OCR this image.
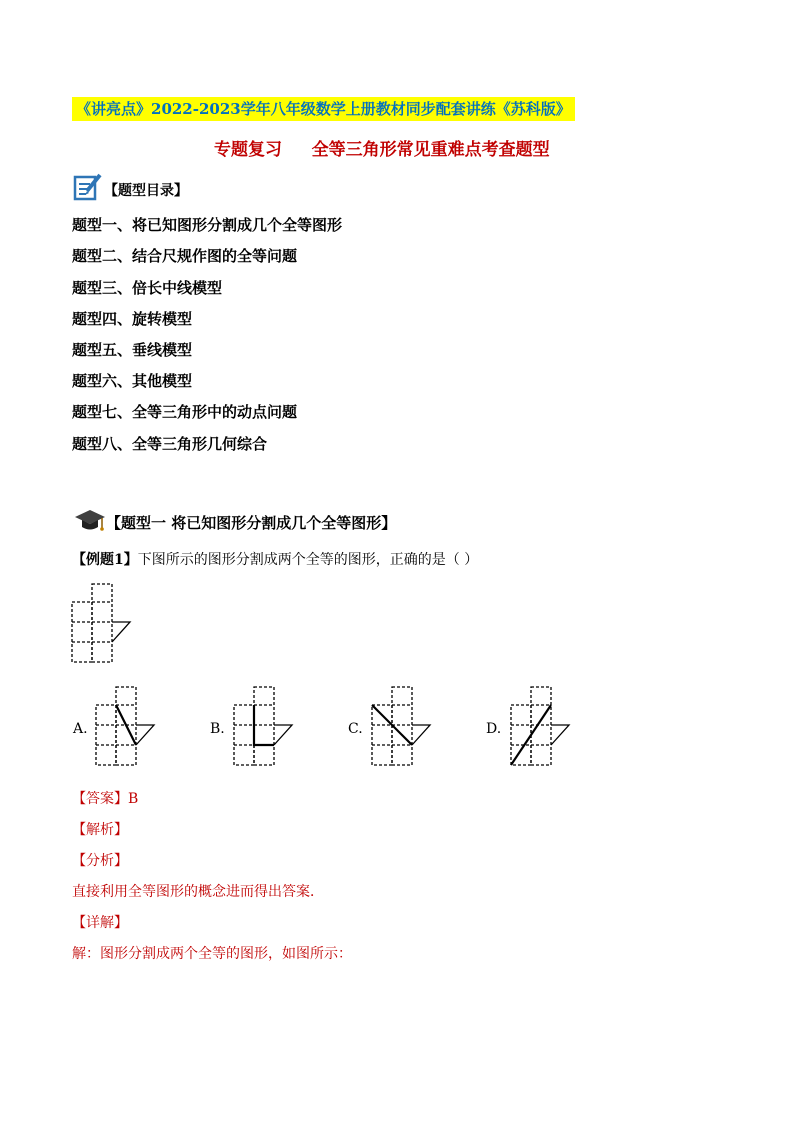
《讲亮点》2022-2023学年八年级数学上册教材同步配套讲练《苏科版》
专题复习     全等三角形常见重难点考查题型
【题型目录】
题型一、将已知图形分割成几个全等图形
题型二、结合尺规作图的全等问题
题型三、倍长中线模型
题型四、旋转模型
题型五、垂线模型
题型六、其他模型
题型七、全等三角形中的动点问题
题型八、全等三角形几何综合
【题型一 将已知图形分割成几个全等图形】
【例题1】下图所示的图形分割成两个全等的图形，正确的是（ ）
A.	B.	C.	D.
【答案】B
【解析】
【分析】
直接利用全等图形的概念进而得出答案．
【详解】
解：图形分割成两个全等的图形，如图所示：
